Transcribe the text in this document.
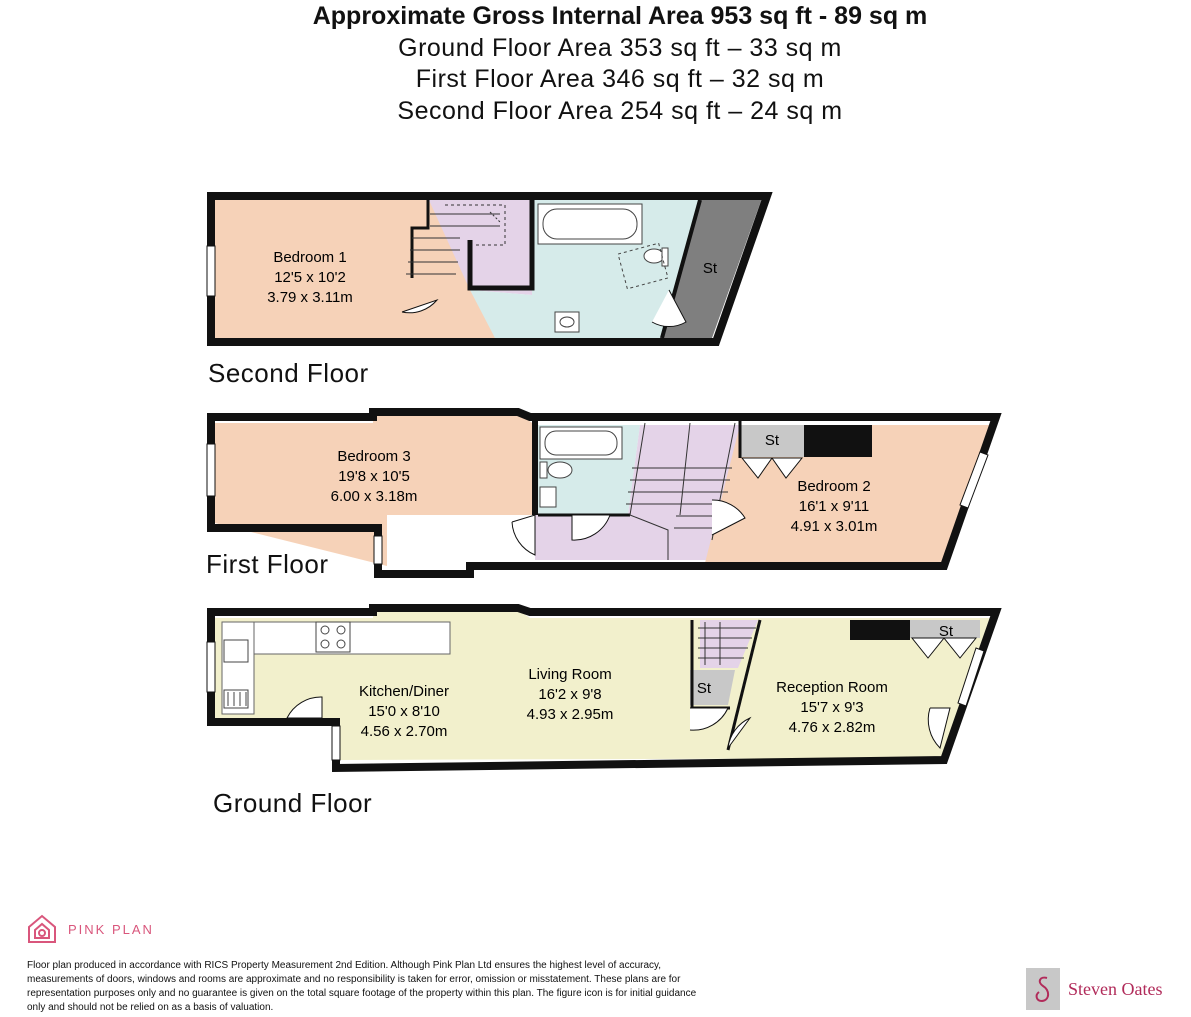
Approximate Gross Internal Area 953 sq ft - 89 sq m
Ground Floor Area 353 sq ft – 33 sq m
First Floor Area 346 sq ft – 32 sq m
Second Floor Area 254 sq ft – 24 sq m
Bedroom 1
12'5 x 10'2
3.79 x 3.11m
St
Bedroom 3
19'8 x 10'5
6.00 x 3.18m
Bedroom 2
16'1 x 9'11
4.91 x 3.01m
St
Kitchen/Diner
15'0 x 8'10
4.56 x 2.70m
Living Room
16'2 x 9'8
4.93 x 2.95m
Reception Room
15'7 x 9'3
4.76 x 2.82m
St
St
Second Floor
First Floor
Ground Floor
PINK PLAN
Floor plan produced in accordance with RICS Property Measurement 2nd Edition. Although Pink Plan Ltd ensures the highest level of accuracy, measurements of doors, windows and rooms are approximate and no responsibility is taken for error, omission or misstatement. These plans are for representation purposes only and no guarantee is given on the total square footage of the property within this plan. The figure icon is for initial guidance only and should not be relied on as a basis of valuation.
Steven Oates
